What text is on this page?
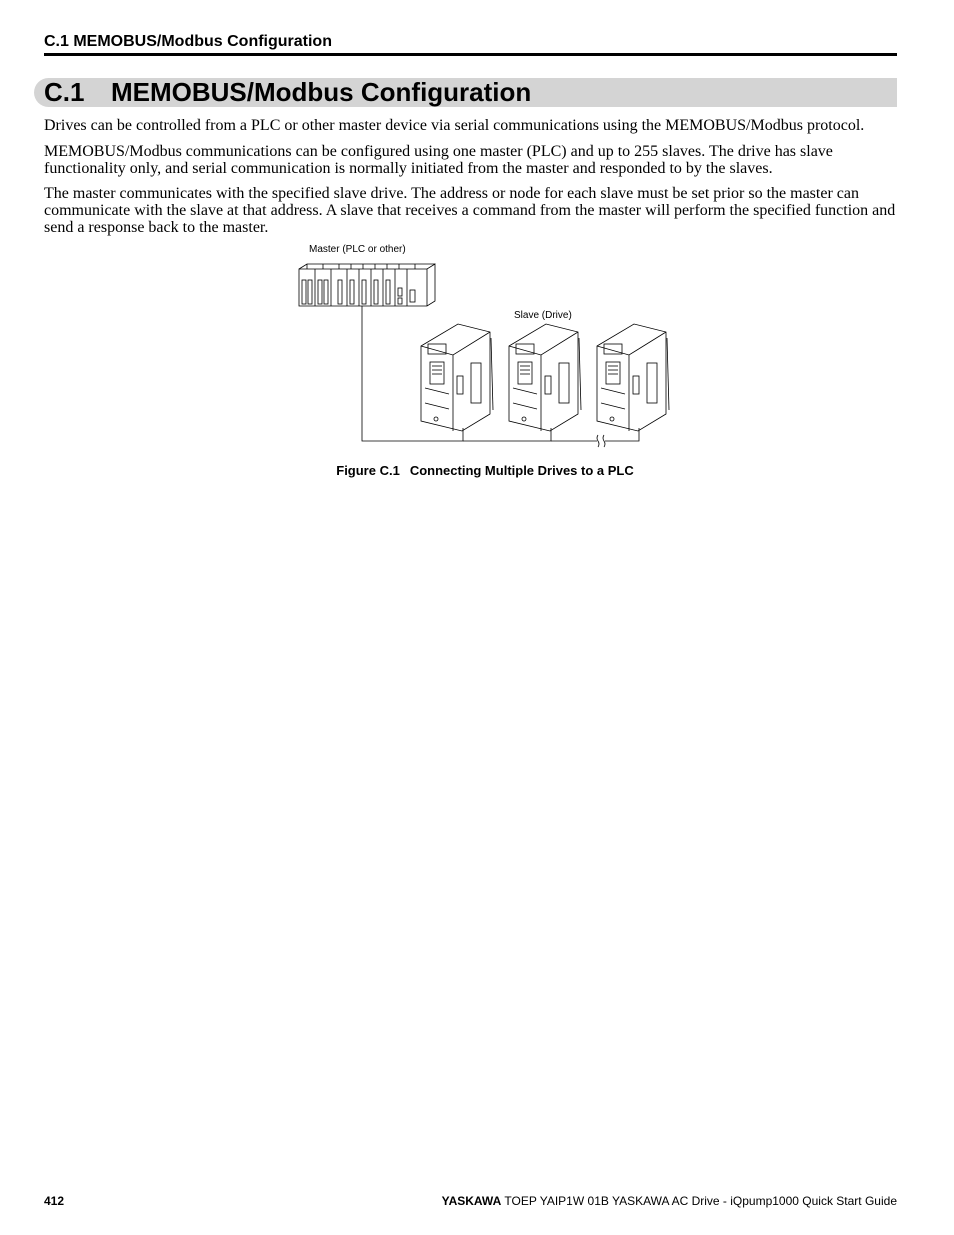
C.1 MEMOBUS/Modbus Configuration
C.1 MEMOBUS/Modbus Configuration

Drives can be controlled from a PLC or other master device via serial communications using the MEMOBUS/Modbus protocol.

MEMOBUS/Modbus communications can be configured using one master (PLC) and up to 255 slaves. The drive has slave functionality only, and serial communication is normally initiated from the master and responded to by the slaves.

The master communicates with the specified slave drive. The address or node for each slave must be set prior so the master can communicate with the slave at that address. A slave that receives a command from the master will perform the specified function and send a response back to the master.

Master (PLC or other)
Slave (Drive)
Figure C.1 Connecting Multiple Drives to a PLC
412	YASKAWA TOEP YAIP1W 01B YASKAWA AC Drive - iQpump1000 Quick Start Guide
